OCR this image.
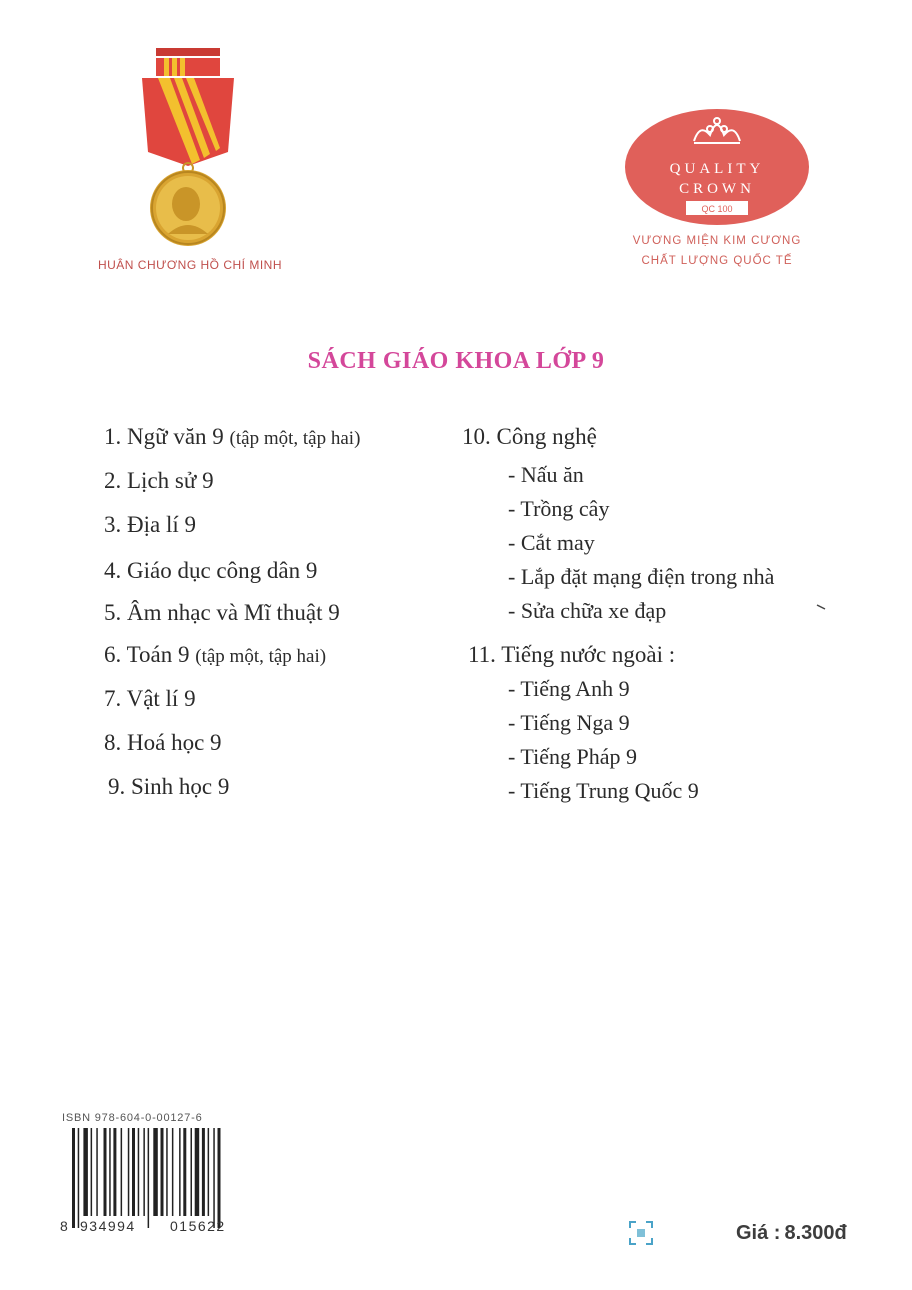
HUÂN CHƯƠNG HỒ CHÍ MINH
QUALITY
CROWN
QC 100
VƯƠNG MIỆN KIM CƯƠNG
CHẤT LƯỢNG QUỐC TẾ
SÁCH GIÁO KHOA LỚP 9
1. Ngữ văn 9 (tập một, tập hai)
2. Lịch sử 9
3. Địa lí 9
4. Giáo dục công dân 9
5. Âm nhạc và Mĩ thuật 9
6. Toán 9 (tập một, tập hai)
7. Vật lí 9
8. Hoá học 9
9. Sinh học 9
10. Công nghệ
- Nấu ăn
- Trồng cây
- Cắt may
- Lắp đặt mạng điện trong nhà
- Sửa chữa xe đạp
11. Tiếng nước ngoài :
- Tiếng Anh 9
- Tiếng Nga 9
- Tiếng Pháp 9
- Tiếng Trung Quốc 9
ISBN 978-604-0-00127-6
8 934994 015622	Giá : 8.300đ
